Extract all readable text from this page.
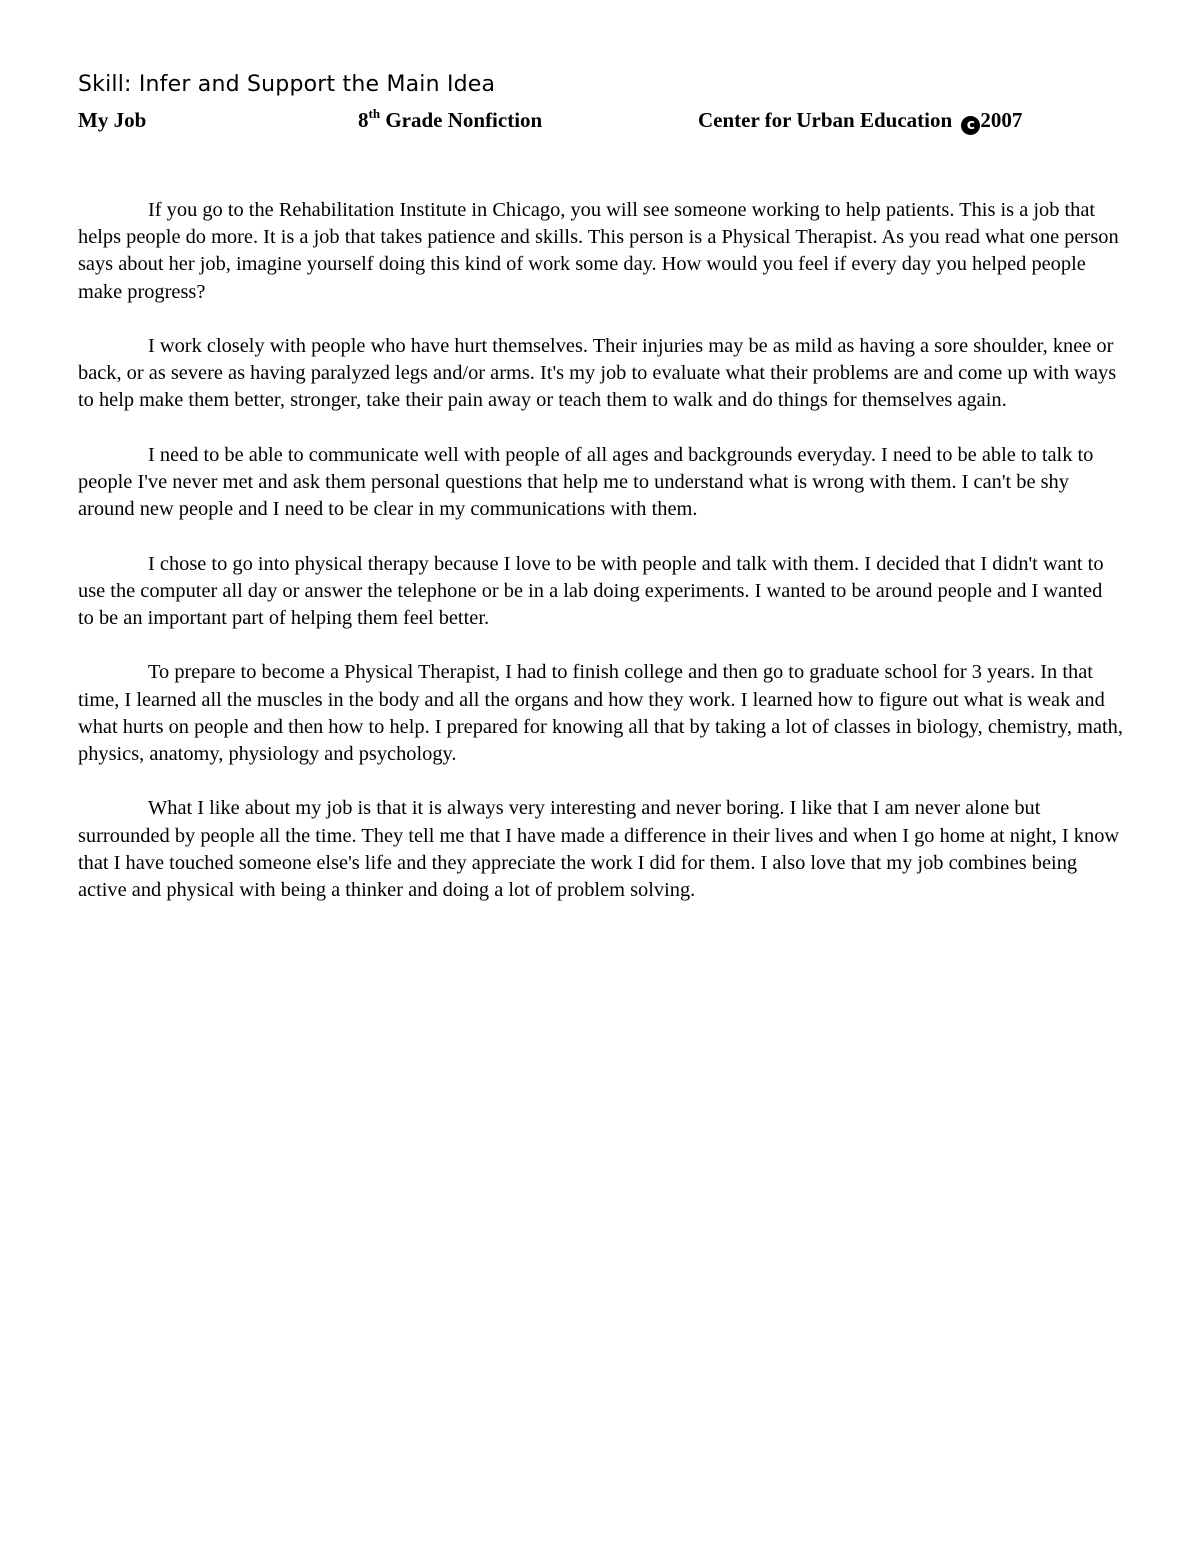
Skill: Infer and Support the Main Idea
My Job	8th Grade Nonfiction	Center for Urban Education c 2007

If you go to the Rehabilitation Institute in Chicago, you will see someone working to help patients. This is a job that helps people do more. It is a job that takes patience and skills. This person is a Physical Therapist. As you read what one person says about her job, imagine yourself doing this kind of work some day. How would you feel if every day you helped people make progress?

I work closely with people who have hurt themselves. Their injuries may be as mild as having a sore shoulder, knee or back, or as severe as having paralyzed legs and/or arms. It's my job to evaluate what their problems are and come up with ways to help make them better, stronger, take their pain away or teach them to walk and do things for themselves again.

I need to be able to communicate well with people of all ages and backgrounds everyday. I need to be able to talk to people I've never met and ask them personal questions that help me to understand what is wrong with them. I can't be shy around new people and I need to be clear in my communications with them.

I chose to go into physical therapy because I love to be with people and talk with them. I decided that I didn't want to use the computer all day or answer the telephone or be in a lab doing experiments. I wanted to be around people and I wanted to be an important part of helping them feel better.

To prepare to become a Physical Therapist, I had to finish college and then go to graduate school for 3 years. In that time, I learned all the muscles in the body and all the organs and how they work. I learned how to figure out what is weak and what hurts on people and then how to help. I prepared for knowing all that by taking a lot of classes in biology, chemistry, math, physics, anatomy, physiology and psychology.

What I like about my job is that it is always very interesting and never boring. I like that I am never alone but surrounded by people all the time. They tell me that I have made a difference in their lives and when I go home at night, I know that I have touched someone else's life and they appreciate the work I did for them. I also love that my job combines being active and physical with being a thinker and doing a lot of problem solving.
